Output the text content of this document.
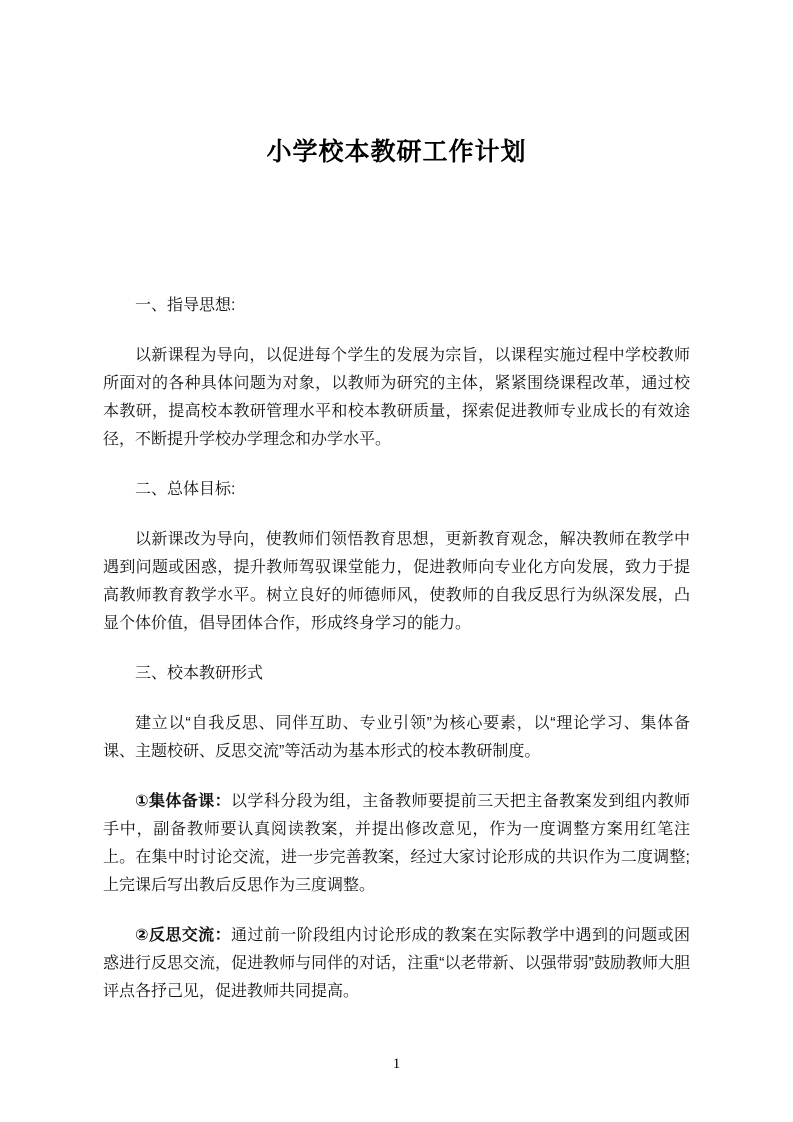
小学校本教研工作计划
一、指导思想:

以新课程为导向，以促进每个学生的发展为宗旨，以课程实施过程中学校教师所面对的各种具体问题为对象，以教师为研究的主体，紧紧围绕课程改革，通过校本教研，提高校本教研管理水平和校本教研质量，探索促进教师专业成长的有效途径，不断提升学校办学理念和办学水平。

二、总体目标:

以新课改为导向，使教师们领悟教育思想，更新教育观念，解决教师在教学中遇到问题或困惑，提升教师驾驭课堂能力，促进教师向专业化方向发展，致力于提高教师教育教学水平。树立良好的师德师风，使教师的自我反思行为纵深发展，凸显个体价值，倡导团体合作，形成终身学习的能力。

三、校本教研形式

建立以“自我反思、同伴互助、专业引领”为核心要素，以“理论学习、集体备课、主题校研、反思交流”等活动为基本形式的校本教研制度。

①集体备课：以学科分段为组，主备教师要提前三天把主备教案发到组内教师手中，副备教师要认真阅读教案，并提出修改意见，作为一度调整方案用红笔注上。在集中时讨论交流，进一步完善教案，经过大家讨论形成的共识作为二度调整;上完课后写出教后反思作为三度调整。

②反思交流：通过前一阶段组内讨论形成的教案在实际教学中遇到的问题或困惑进行反思交流，促进教师与同伴的对话，注重“以老带新、以强带弱”鼓励教师大胆评点各抒己见，促进教师共同提高。

1
